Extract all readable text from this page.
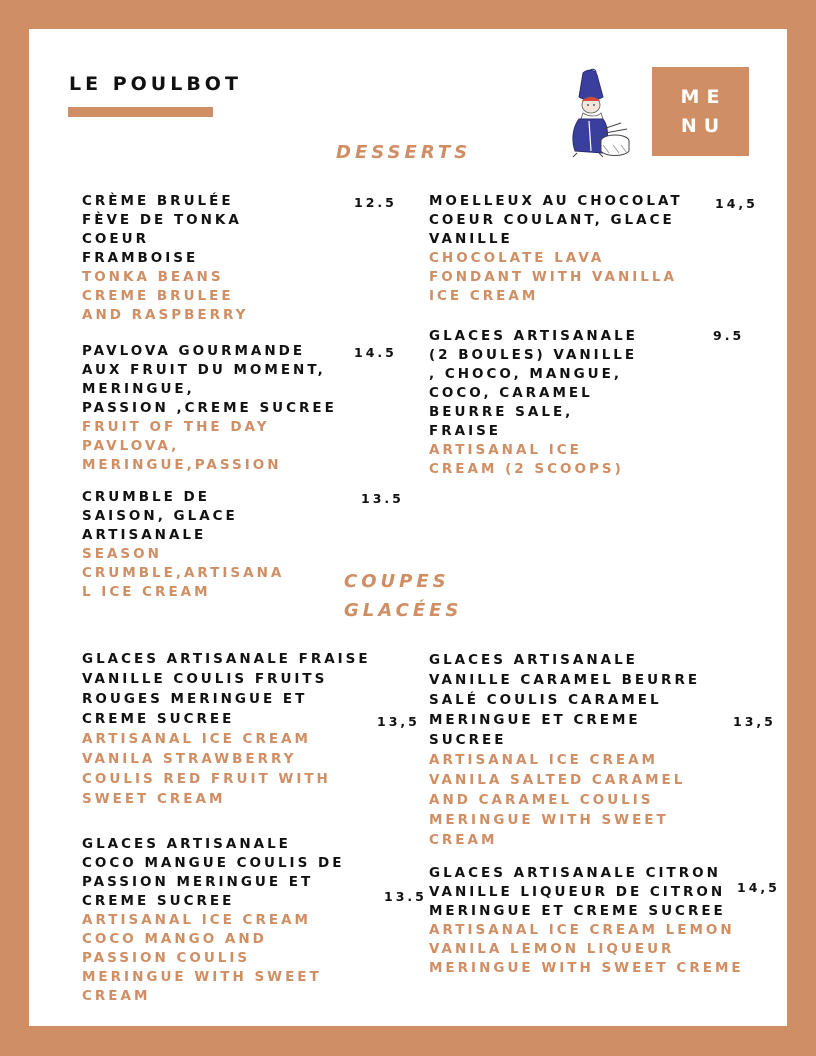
LE POULBOT
ME
NU
DESSERTS
CRÈME BRULÉE
FÈVE DE TONKA
COEUR
FRAMBOISE
TONKA BEANS
CREME BRULEE
AND RASPBERRY
12.5
PAVLOVA GOURMANDE
AUX FRUIT DU MOMENT,
MERINGUE,
PASSION ,CREME SUCREE
FRUIT OF THE DAY
PAVLOVA,
MERINGUE,PASSION
14.5
CRUMBLE DE
SAISON, GLACE
ARTISANALE
SEASON
CRUMBLE,ARTISANA
L ICE CREAM
13.5
MOELLEUX AU CHOCOLAT
COEUR COULANT, GLACE
VANILLE
CHOCOLATE LAVA
FONDANT WITH VANILLA
ICE CREAM
14,5
GLACES ARTISANALE
(2 BOULES) VANILLE
, CHOCO, MANGUE,
COCO, CARAMEL
BEURRE SALE,
FRAISE
ARTISANAL ICE
CREAM (2 SCOOPS)
9.5
COUPES
GLACÉES
GLACES ARTISANALE FRAISE
VANILLE COULIS FRUITS
ROUGES MERINGUE ET
CREME SUCREE
ARTISANAL ICE CREAM
VANILA STRAWBERRY
COULIS RED FRUIT WITH
SWEET CREAM
13,5
GLACES ARTISANALE
COCO MANGUE COULIS DE
PASSION MERINGUE ET
CREME SUCREE
ARTISANAL ICE CREAM
COCO MANGO AND
PASSION COULIS
MERINGUE WITH SWEET
CREAM
13.5
GLACES ARTISANALE
VANILLE CARAMEL BEURRE
SALÉ COULIS CARAMEL
MERINGUE ET CREME
SUCREE
ARTISANAL ICE CREAM
VANILA SALTED CARAMEL
AND CARAMEL COULIS
MERINGUE WITH SWEET
CREAM
13,5
GLACES ARTISANALE CITRON
VANILLE LIQUEUR DE CITRON
MERINGUE ET CREME SUCREE
ARTISANAL ICE CREAM LEMON
VANILA LEMON LIQUEUR
MERINGUE WITH SWEET CREME
14,5
